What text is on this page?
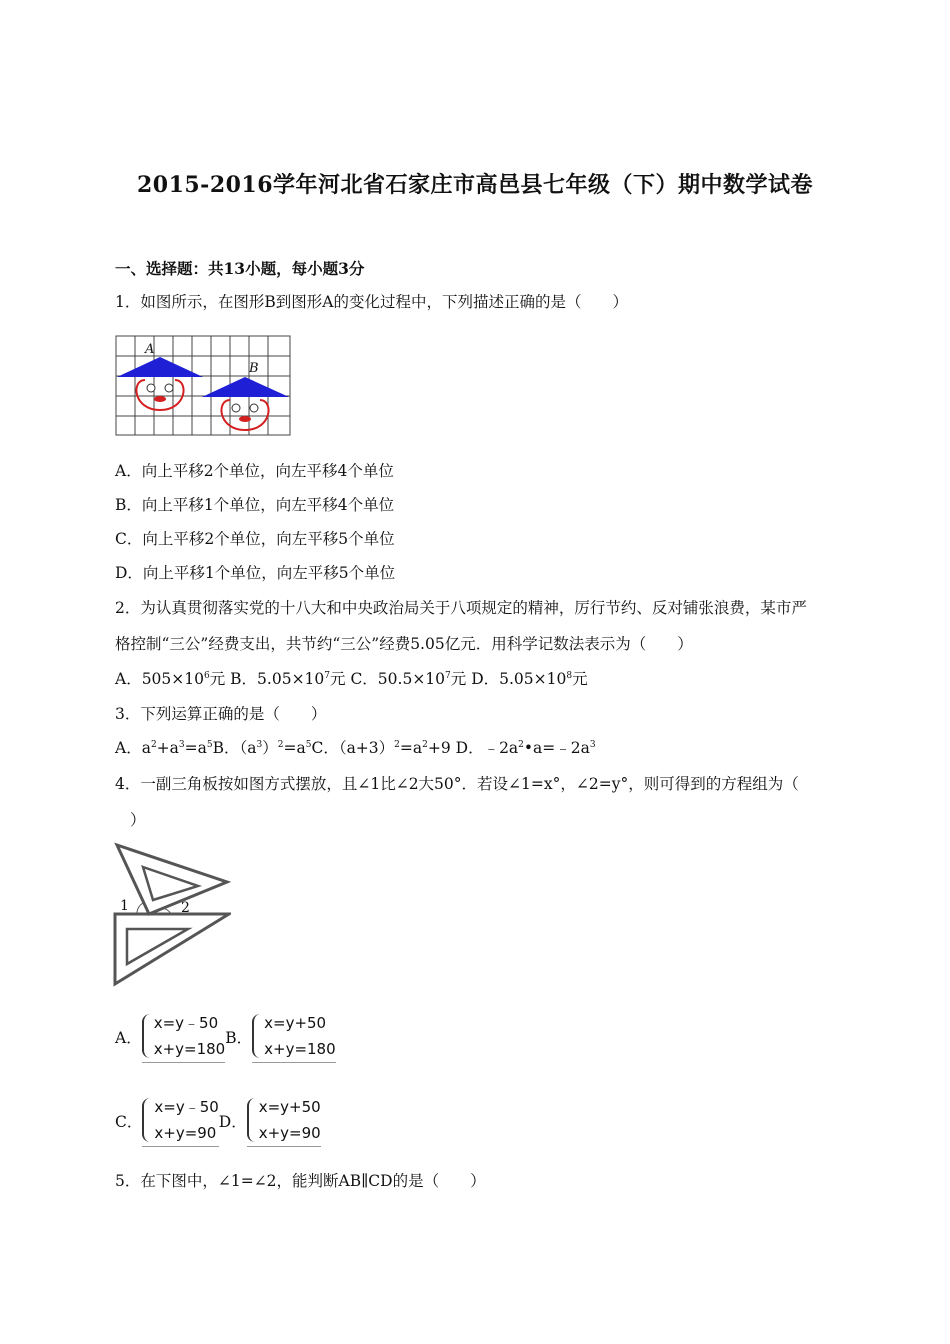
2015-2016学年河北省石家庄市高邑县七年级（下）期中数学试卷
一、选择题：共13小题，每小题3分
1．如图所示，在图形B到图形A的变化过程中，下列描述正确的是（　　）
A
B
A．向上平移2个单位，向左平移4个单位
B．向上平移1个单位，向左平移4个单位
C．向上平移2个单位，向左平移5个单位
D．向上平移1个单位，向左平移5个单位
2．为认真贯彻落实党的十八大和中央政治局关于八项规定的精神，厉行节约、反对铺张浪费，某市严
格控制“三公”经费支出，共节约“三公”经费5.05亿元．用科学记数法表示为（　　）
A．$505\times 10^6$元 B．$5.05\times 10^7$元 C．$50.5\times 10^7$元 D．$5.05\times 10^8$元
3．下列运算正确的是（　　）
A．$a^2+a^3=a^5B$．$(a^3)^2=a^5C$．$(a+3)^2=a^2+9$ D．$﹣2a^2•a=﹣2a^3$
4．一副三角板按如图方式摆放，且∠1比∠2大50°．若设∠1=x°，∠2=y°，则可得到的方程组为（
）
1	2
A．
x=y﹣50
x+y=180
B．
x=y+50
x+y=180
C．
x=y﹣50
x+y=90
D．
x=y+50
x+y=90
5．在下图中，∠1=∠2，能判断AB∥CD的是（　　）
